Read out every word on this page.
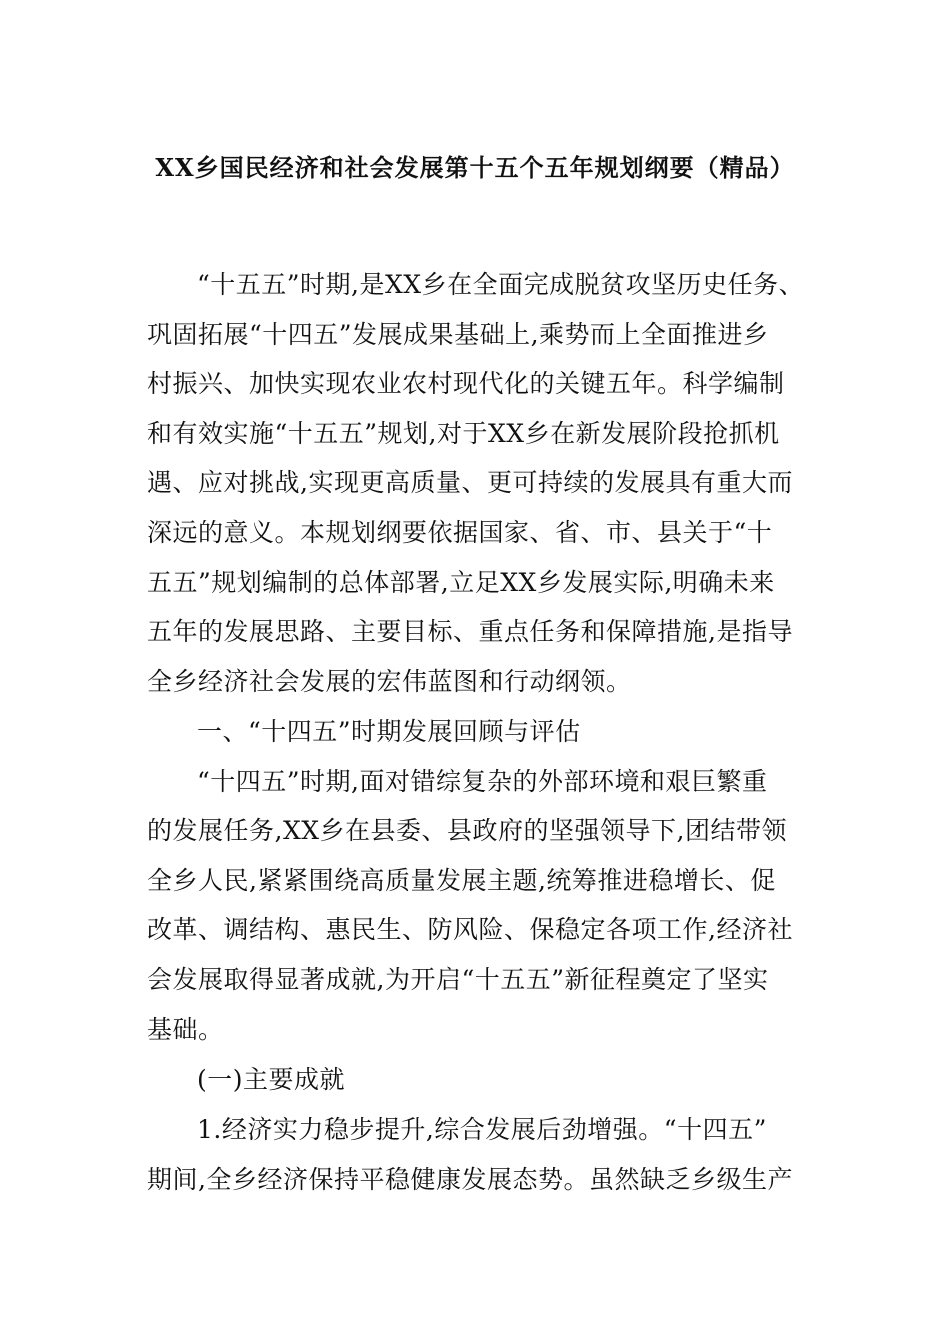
XX乡国民经济和社会发展第十五个五年规划纲要（精品）

“十五五”时期,是XX乡在全面完成脱贫攻坚历史任务、

巩固拓展“十四五”发展成果基础上,乘势而上全面推进乡

村振兴、加快实现农业农村现代化的关键五年。科学编制

和有效实施“十五五”规划,对于XX乡在新发展阶段抢抓机

遇、应对挑战,实现更高质量、更可持续的发展具有重大而

深远的意义。本规划纲要依据国家、省、市、县关于“十

五五”规划编制的总体部署,立足XX乡发展实际,明确未来

五年的发展思路、主要目标、重点任务和保障措施,是指导

全乡经济社会发展的宏伟蓝图和行动纲领。

一、“十四五”时期发展回顾与评估

“十四五”时期,面对错综复杂的外部环境和艰巨繁重

的发展任务,XX乡在县委、县政府的坚强领导下,团结带领

全乡人民,紧紧围绕高质量发展主题,统筹推进稳增长、促

改革、调结构、惠民生、防风险、保稳定各项工作,经济社

会发展取得显著成就,为开启“十五五”新征程奠定了坚实

基础。

(一)主要成就

1.经济实力稳步提升,综合发展后劲增强。“十四五”

期间,全乡经济保持平稳健康发展态势。虽然缺乏乡级生产
